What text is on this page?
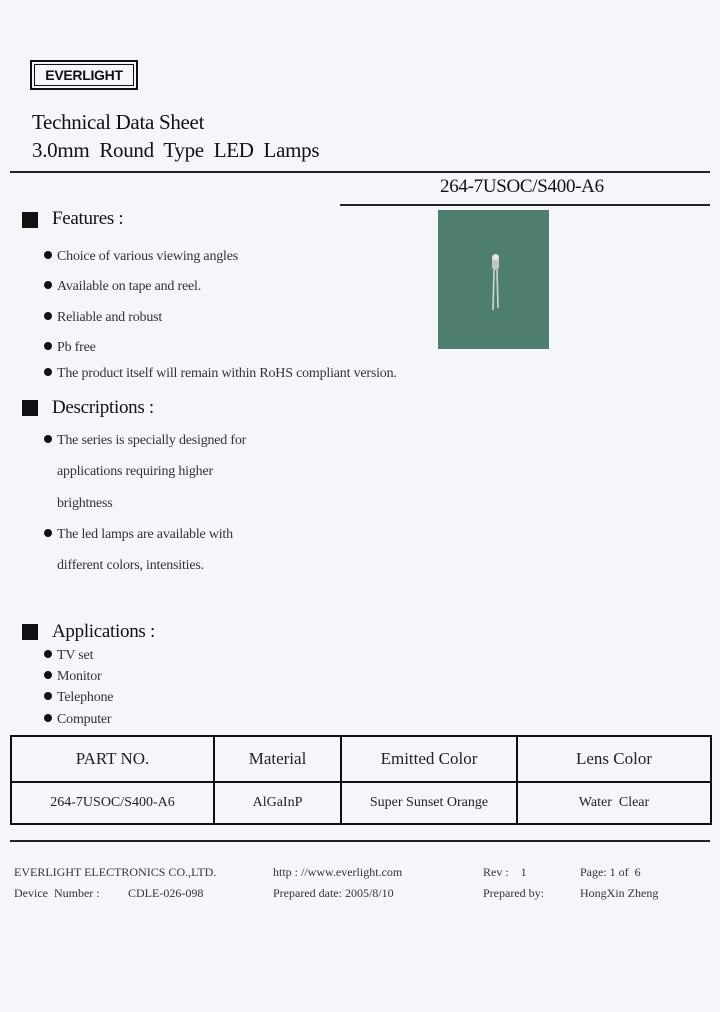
EVERLIGHT
Technical Data Sheet
3.0mm  Round  Type  LED  Lamps
264-7USOC/S400-A6
Features :
Choice of various viewing angles
Available on tape and reel.
Reliable and robust
Pb free
The product itself will remain within RoHS compliant version.
Descriptions :
The series is specially designed for
applications requiring higher
brightness
The led lamps are available with
different colors, intensities.
Applications :
TV set
Monitor
Telephone
Computer
PART NO.	Material	Emitted Color	Lens Color
264-7USOC/S400-A6	AlGaInP	Super Sunset Orange	Water  Clear
EVERLIGHT ELECTRONICS CO.,LTD.	http : //www.everlight.com	Rev :    1	Page: 1 of  6
Device  Number : CDLE-026-098	Prepared date: 2005/8/10	Prepared by:	HongXin Zheng
